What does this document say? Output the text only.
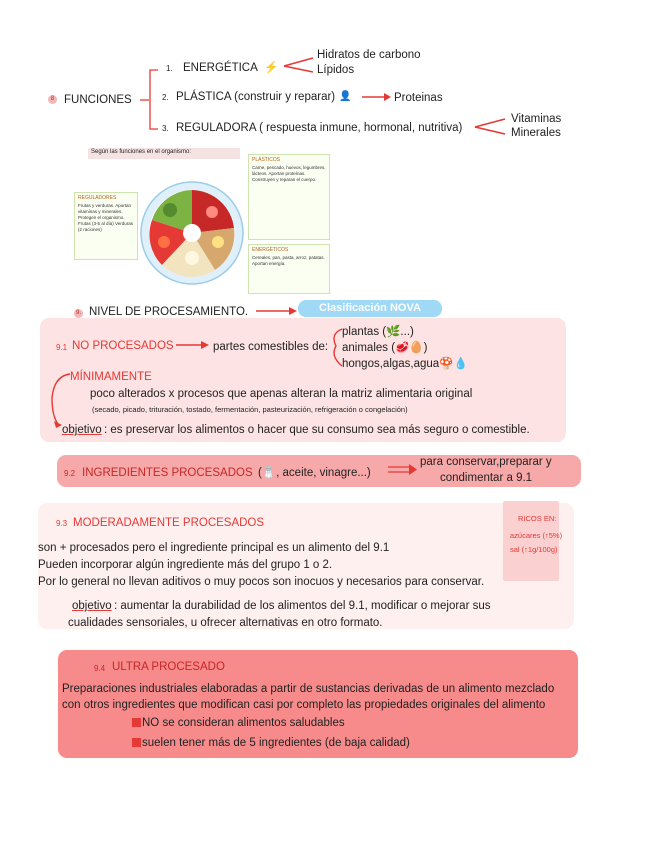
8 FUNCIONES
1. ENERGÉTICA ⚡
2. PLÁSTICA (construir y reparar) 👤
3. REGULADORA ( respuesta inmune, hormonal, nutritiva)
Hidratos de carbono
Lípidos
Proteinas
Vitaminas
Minerales
Según las funciones en el organismo:
REGULADORES
Frutas y verduras. Aportan vitaminas y minerales. Protegen el organismo. Frutas (3-5 al día) Verduras (2 raciones)
PLÁSTICOS
Carne, pescado, huevos, legumbres, lácteos. Aportan proteínas. Construyen y reparan el cuerpo.
ENERGÉTICOS
Cereales, pan, pasta, arroz, patatas. Aportan energía.
9. NIVEL DE PROCESAMIENTO.	Clasificación NOVA
9.1 NO PROCESADOS	partes comestibles de:
plantas (🌿...)
animales (🥩🥚)
hongos,algas,agua🍄💧
MÍNIMAMENTE
poco alterados x procesos que apenas alteran la matriz alimentaria original
(secado, picado, trituración, tostado, fermentación, pasteurización, refrigeración o congelación)
objetivo : es preservar los alimentos o hacer que su consumo sea más seguro o comestible.
9.2 INGREDIENTES PROCESADOS (🧂, aceite, vinagre...)
para conservar,preparar y
condimentar a 9.1
9.3 MODERADAMENTE PROCESADOS	RICOS EN:
azúcares (↑5%)
sal (↑1g/100g)
son + procesados pero el ingrediente principal es un alimento del 9.1
Pueden incorporar algún ingrediente más del grupo 1 o 2.
Por lo general no llevan aditivos o muy pocos son inocuos y necesarios para conservar.
objetivo : aumentar la durabilidad de los alimentos del 9.1, modificar o mejorar sus
cualidades sensoriales, u ofrecer alternativas en otro formato.
9.4 ULTRA PROCESADO
Preparaciones industriales elaboradas a partir de sustancias derivadas de un alimento mezclado
con otros ingredientes que modifican casi por completo las propiedades originales del alimento
NO se consideran alimentos saludables
suelen tener más de 5 ingredientes (de baja calidad)
